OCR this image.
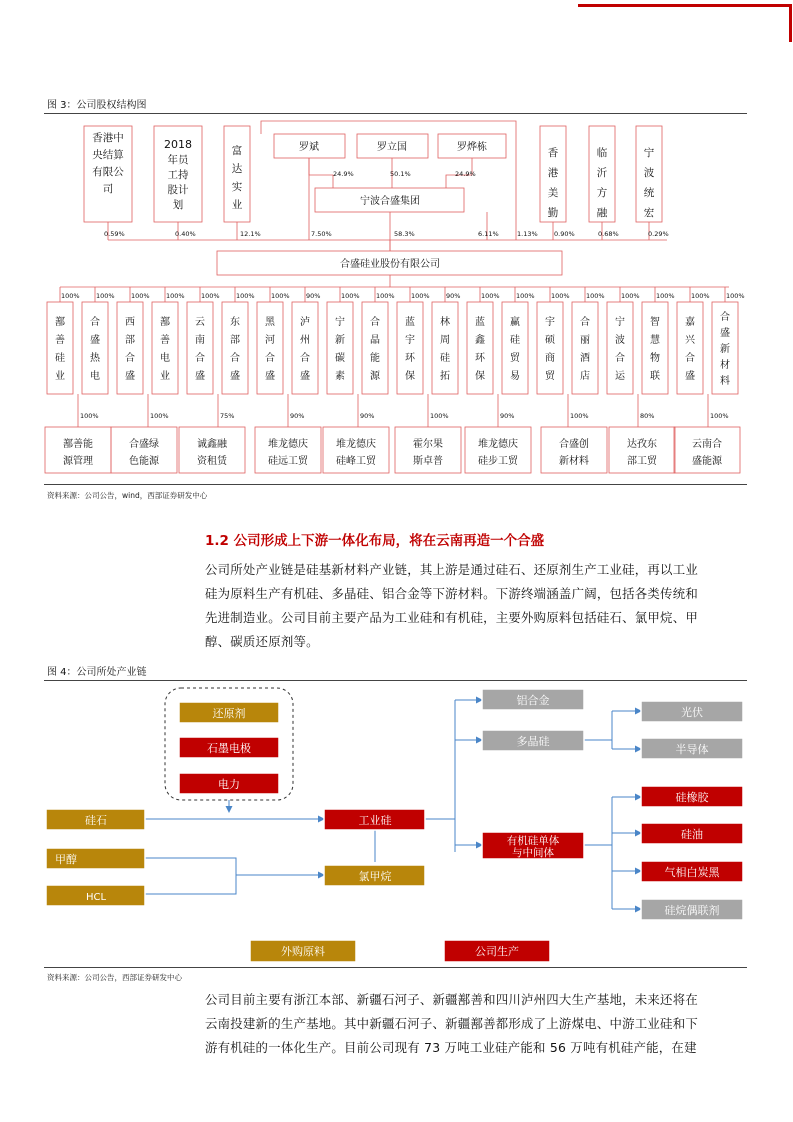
图 3：公司股权结构图
24.9%	50.1%	24.9%
0.59%	0.40%	12.1%	7.50%	58.3%	6.11%	1.13%	0.90%	0.68%	0.29%
罗斌	罗立国	罗烨栋
宁波合盛集团
合盛硅业股份有限公司
香港中
央结算
有限公
司
2018
年员
工持
股计
划
富
达
实
业
香
港
美
勤
临
沂
方
融
宁
波
统
宏
100%	100%	100%	100%	100%	100%	100%	90%	100%	100%	100%	90%	100%	100%	100%	100%	100%	100%	100%	100%
鄯
善
硅
业
合
盛
热
电
西
部
合
盛
鄯
善
电
业
云
南
合
盛
东
部
合
盛
黑
河
合
盛
泸
州
合
盛
宁
新
碳
素
合
晶
能
源
蓝
宇
环
保
林
周
硅
拓
蓝
鑫
环
保
赢
硅
贸
易
宇
硕
商
贸
合
丽
酒
店
宁
波
合
运
智
慧
物
联
嘉
兴
合
盛
合
盛
新
材
料
100%	100%	75%	90%	90%	100%	90%	100%	80%	100%
鄯善能
源管理
合盛绿
色能源
诚鑫融
资租赁
堆龙德庆
硅远工贸
堆龙德庆
硅峰工贸
霍尔果
斯卓普
堆龙德庆
硅步工贸
合盛创
新材料
达孜东
部工贸
云南合
盛能源
资料来源：公司公告，wind，西部证券研发中心
1.2 公司形成上下游一体化布局，将在云南再造一个合盛
公司所处产业链是硅基新材料产业链，其上游是通过硅石、还原剂生产工业硅，再以工业
硅为原料生产有机硅、多晶硅、铝合金等下游材料。下游终端涵盖广阔，包括各类传统和
先进制造业。公司目前主要产品为工业硅和有机硅，主要外购原料包括硅石、氯甲烷、甲
醇、碳质还原剂等。
图 4：公司所处产业链
还原剂
石墨电极
电力
硅石
甲醇
HCL
工业硅
氯甲烷
铝合金
多晶硅
有机硅单体
与中间体
光伏
半导体
硅橡胶
硅油
气相白炭黑
硅烷偶联剂
外购原料	公司生产
资料来源：公司公告，西部证券研发中心
公司目前主要有浙江本部、新疆石河子、新疆鄯善和四川泸州四大生产基地，未来还将在
云南投建新的生产基地。其中新疆石河子、新疆鄯善都形成了上游煤电、中游工业硅和下
游有机硅的一体化生产。目前公司现有 73 万吨工业硅产能和 56 万吨有机硅产能，在建
